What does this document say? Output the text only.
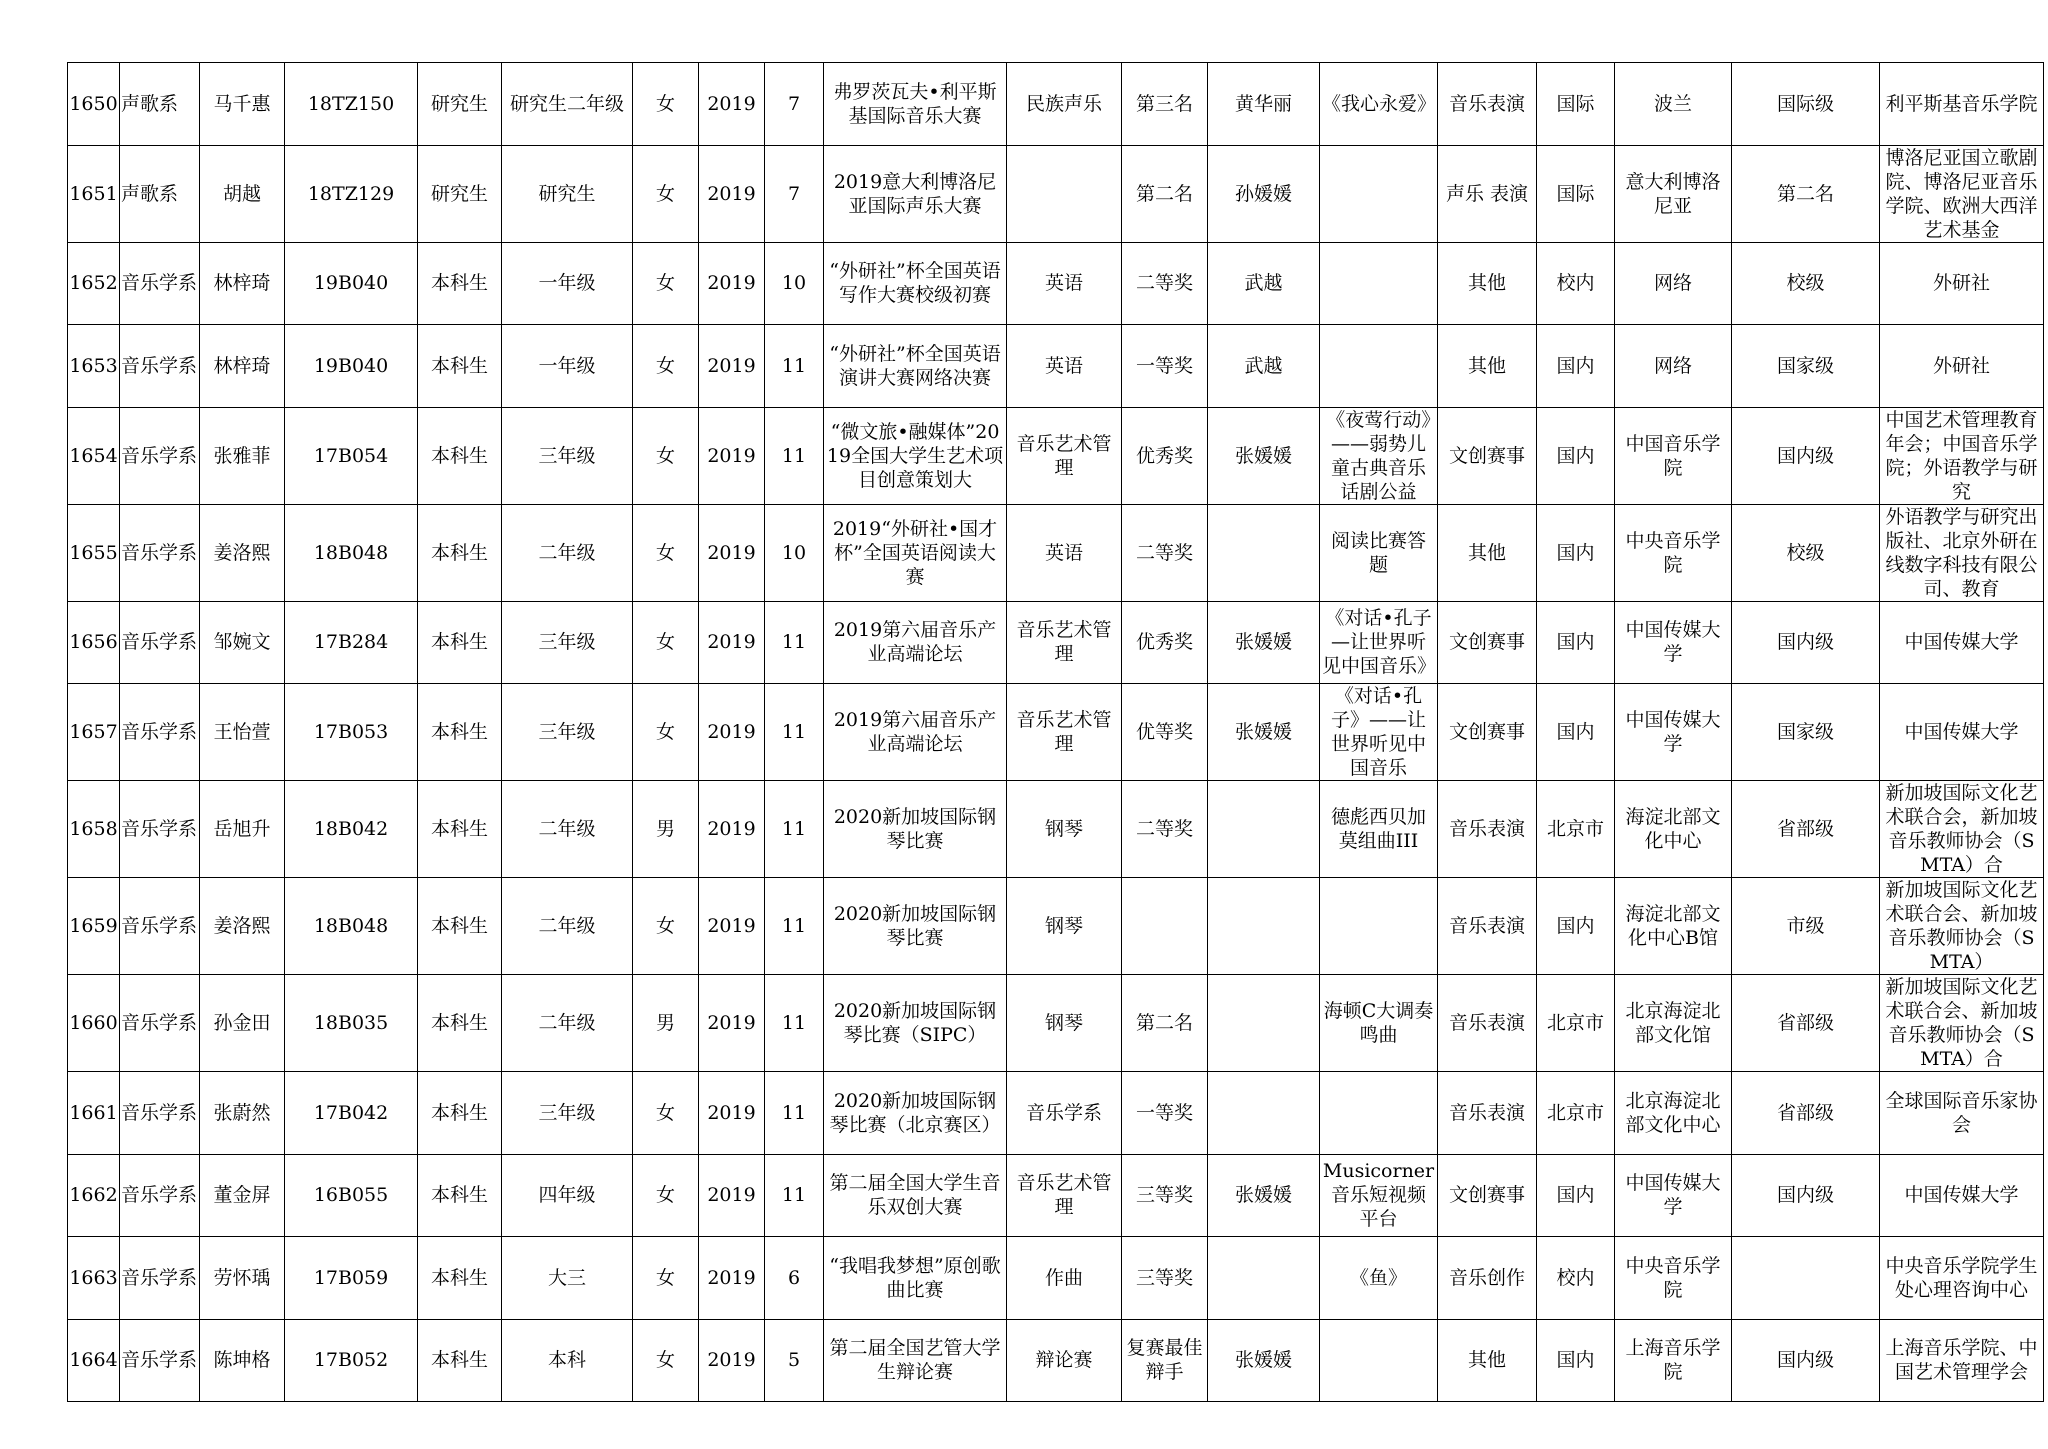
1650	声歌系	马千惠	18TZ150	研究生	研究生二年级	女	2019	7	弗罗茨瓦夫•利平斯基国际音乐大赛	民族声乐	第三名	黄华丽	《我心永爱》	音乐表演	国际	波兰	国际级	利平斯基音乐学院
1651	声歌系	胡越	18TZ129	研究生	研究生	女	2019	7	2019意大利博洛尼亚国际声乐大赛		第二名	孙媛媛		声乐 表演	国际	意大利博洛尼亚	第二名	博洛尼亚国立歌剧院、博洛尼亚音乐学院、欧洲大西洋艺术基金
1652	音乐学系	林梓琦	19B040	本科生	一年级	女	2019	10	“外研社”杯全国英语写作大赛校级初赛	英语	二等奖	武越		其他	校内	网络	校级	外研社
1653	音乐学系	林梓琦	19B040	本科生	一年级	女	2019	11	“外研社”杯全国英语演讲大赛网络决赛	英语	一等奖	武越		其他	国内	网络	国家级	外研社
1654	音乐学系	张雅菲	17B054	本科生	三年级	女	2019	11	“微文旅•融媒体”2019全国大学生艺术项目创意策划大	音乐艺术管理	优秀奖	张媛媛	《夜莺行动》——弱势儿童古典音乐话剧公益	文创赛事	国内	中国音乐学院	国内级	中国艺术管理教育年会；中国音乐学院；外语教学与研究
1655	音乐学系	姜洛熙	18B048	本科生	二年级	女	2019	10	2019“外研社•国才杯”全国英语阅读大赛	英语	二等奖		阅读比赛答题	其他	国内	中央音乐学院	校级	外语教学与研究出版社、北京外研在线数字科技有限公司、教育
1656	音乐学系	邹婉文	17B284	本科生	三年级	女	2019	11	2019第六届音乐产业高端论坛	音乐艺术管理	优秀奖	张媛媛	《对话•孔子—让世界听见中国音乐》	文创赛事	国内	中国传媒大学	国内级	中国传媒大学
1657	音乐学系	王怡萱	17B053	本科生	三年级	女	2019	11	2019第六届音乐产业高端论坛	音乐艺术管理	优等奖	张媛媛	《对话•孔子》——让世界听见中国音乐	文创赛事	国内	中国传媒大学	国家级	中国传媒大学
1658	音乐学系	岳旭升	18B042	本科生	二年级	男	2019	11	2020新加坡国际钢琴比赛	钢琴	二等奖		德彪西贝加莫组曲III	音乐表演	北京市	海淀北部文化中心	省部级	新加坡国际文化艺术联合会，新加坡音乐教师协会（SMTA）合
1659	音乐学系	姜洛熙	18B048	本科生	二年级	女	2019	11	2020新加坡国际钢琴比赛	钢琴				音乐表演	国内	海淀北部文化中心B馆	市级	新加坡国际文化艺术联合会、新加坡音乐教师协会（SMTA）
1660	音乐学系	孙金田	18B035	本科生	二年级	男	2019	11	2020新加坡国际钢琴比赛（SIPC）	钢琴	第二名		海顿C大调奏鸣曲	音乐表演	北京市	北京海淀北部文化馆	省部级	新加坡国际文化艺术联合会、新加坡音乐教师协会（SMTA）合
1661	音乐学系	张蔚然	17B042	本科生	三年级	女	2019	11	2020新加坡国际钢琴比赛（北京赛区）	音乐学系	一等奖			音乐表演	北京市	北京海淀北部文化中心	省部级	全球国际音乐家协会
1662	音乐学系	董金屏	16B055	本科生	四年级	女	2019	11	第二届全国大学生音乐双创大赛	音乐艺术管理	三等奖	张媛媛	Musicorner音乐短视频平台	文创赛事	国内	中国传媒大学	国内级	中国传媒大学
1663	音乐学系	劳怀瑀	17B059	本科生	大三	女	2019	6	“我唱我梦想”原创歌曲比赛	作曲	三等奖		《鱼》	音乐创作	校内	中央音乐学院		中央音乐学院学生处心理咨询中心
1664	音乐学系	陈坤格	17B052	本科生	本科	女	2019	5	第二届全国艺管大学生辩论赛	辩论赛	复赛最佳辩手	张媛媛		其他	国内	上海音乐学院	国内级	上海音乐学院、中国艺术管理学会
